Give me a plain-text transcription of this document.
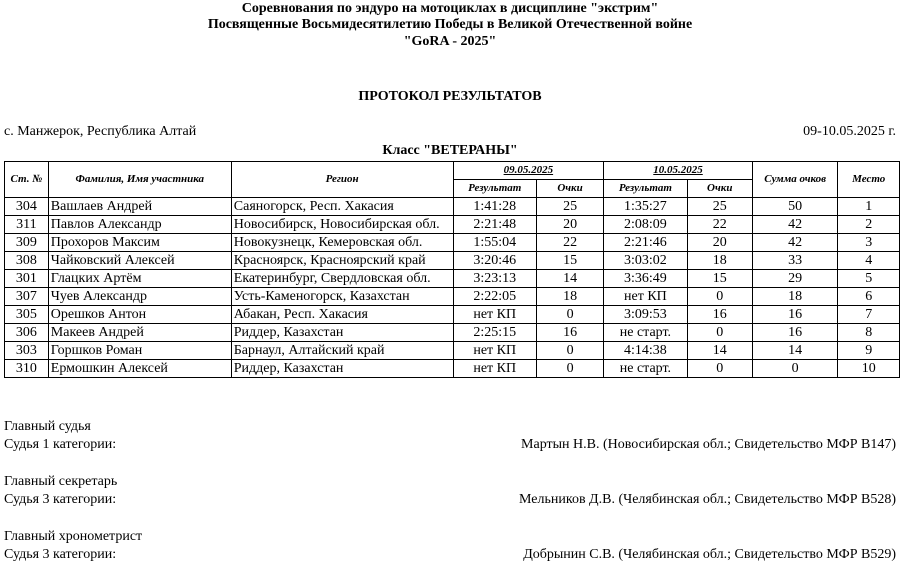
Соревнования по эндуро на мотоциклах в дисциплине "экстрим"
Посвященные Восьмидесятилетию Победы в Великой Отечественной войне
"GoRA - 2025"
ПРОТОКОЛ РЕЗУЛЬТАТОВ
с. Манжерок, Республика Алтай	09-10.05.2025 г.
Класс "ВЕТЕРАНЫ"
Ст. №	Фамилия, Имя участника	Регион	09.05.2025		10.05.2025		Сумма очков	Место
			Результат	Очки	Результат	Очки		
304	Вашлаев Андрей	Саяногорск, Респ. Хакасия	1:41:28	25	1:35:27	25	50	1
311	Павлов Александр	Новосибирск, Новосибирская обл.	2:21:48	20	2:08:09	22	42	2
309	Прохоров Максим	Новокузнецк, Кемеровская обл.	1:55:04	22	2:21:46	20	42	3
308	Чайковский Алексей	Красноярск, Красноярский край	3:20:46	15	3:03:02	18	33	4
301	Глацких Артём	Екатеринбург, Свердловская обл.	3:23:13	14	3:36:49	15	29	5
307	Чуев Александр	Усть-Каменогорск, Казахстан	2:22:05	18	нет КП	0	18	6
305	Орешков Антон	Абакан, Респ. Хакасия	нет КП	0	3:09:53	16	16	7
306	Макеев Андрей	Риддер, Казахстан	2:25:15	16	не старт.	0	16	8
303	Горшков Роман	Барнаул, Алтайский край	нет КП	0	4:14:38	14	14	9
310	Ермошкин Алексей	Риддер, Казахстан	нет КП	0	не старт.	0	0	10
Главный судья
Судья 1 категории:	Мартын Н.В. (Новосибирская обл.; Свидетельство МФР B147)
Главный секретарь
Судья 3 категории:	Мельников Д.В. (Челябинская обл.; Свидетельство МФР B528)
Главный хронометрист
Судья 3 категории:	Добрынин С.В. (Челябинская обл.; Свидетельство МФР B529)
